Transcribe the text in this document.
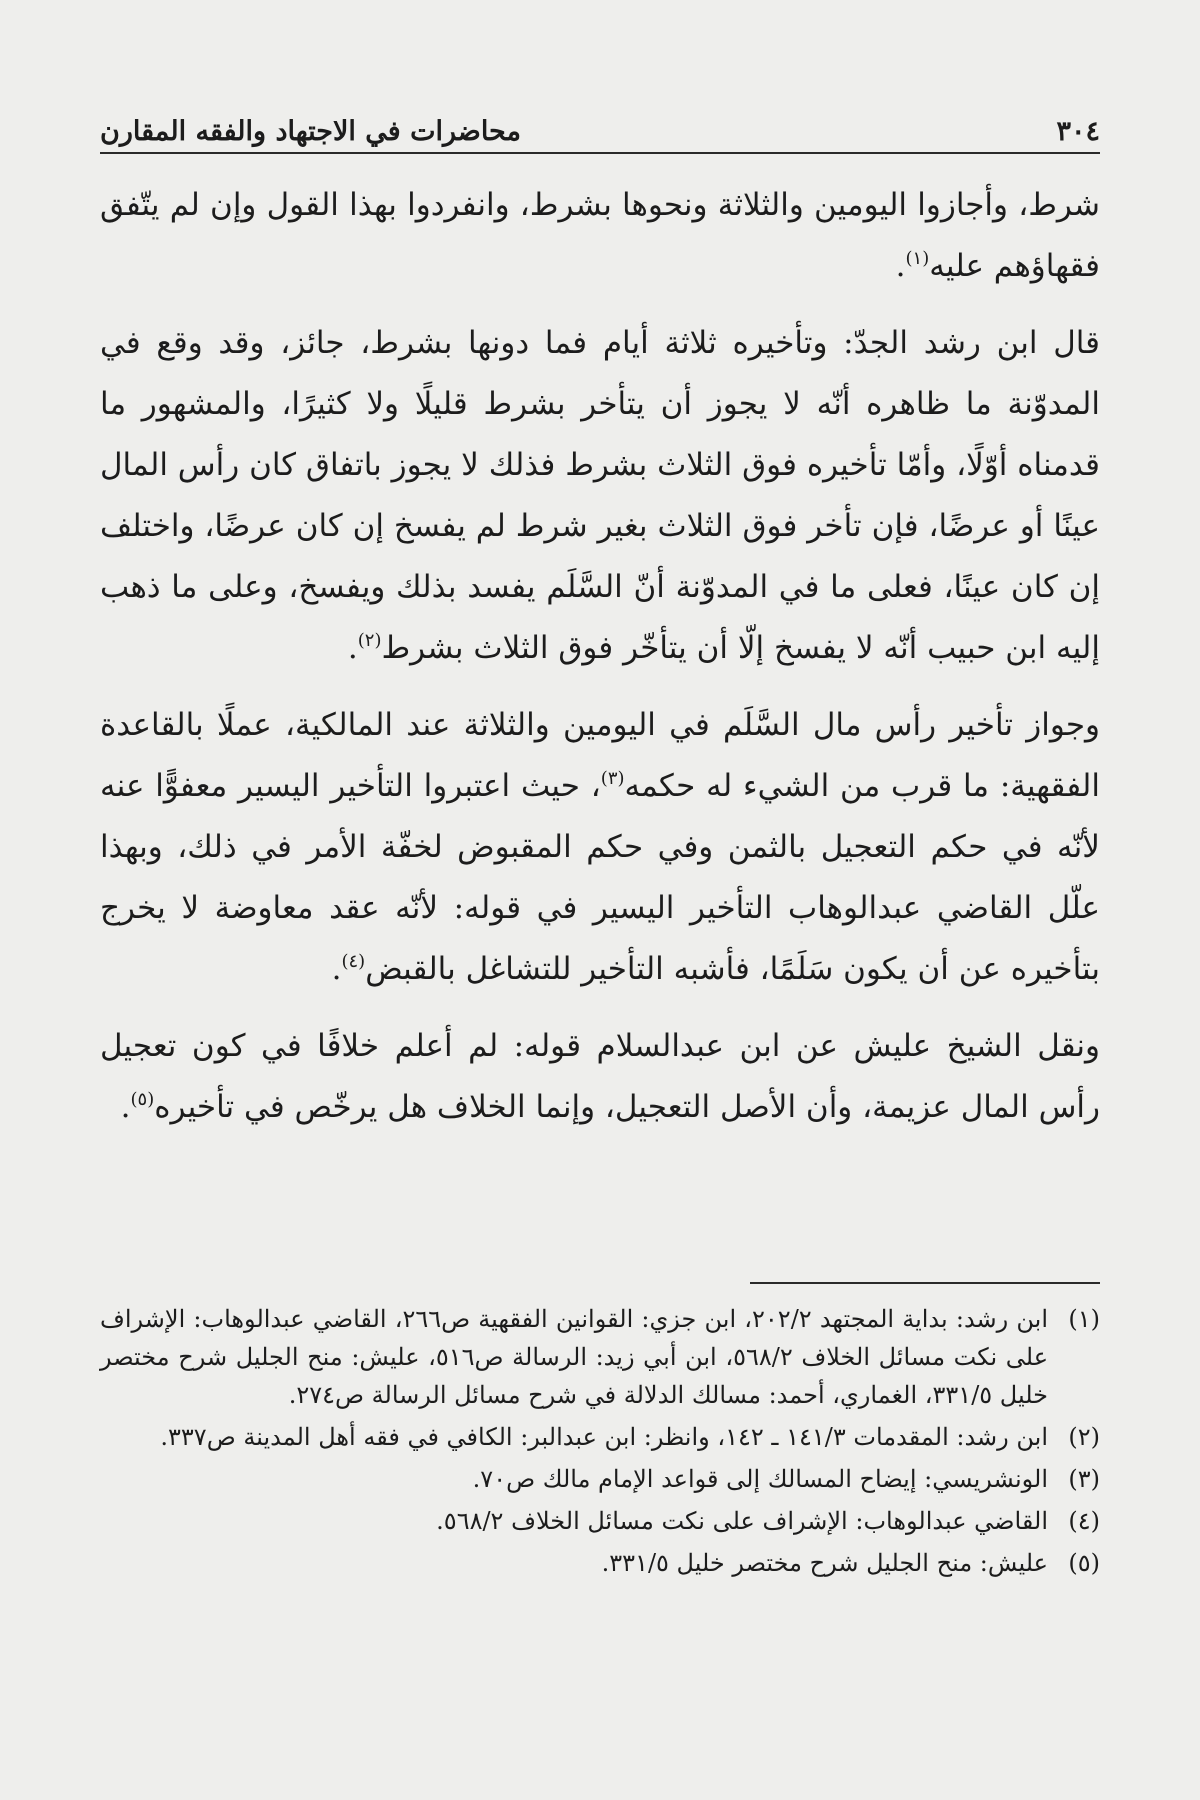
٣٠٤
محاضرات في الاجتهاد والفقه المقارن

شرط، وأجازوا اليومين والثلاثة ونحوها بشرط، وانفردوا بهذا القول وإن لم يتّفق فقهاؤهم عليه$^{(١)}$.

قال ابن رشد الجدّ: وتأخيره ثلاثة أيام فما دونها بشرط، جائز، وقد وقع في المدوّنة ما ظاهره أنّه لا يجوز أن يتأخر بشرط قليلًا ولا كثيرًا، والمشهور ما قدمناه أوّلًا، وأمّا تأخيره فوق الثلاث بشرط فذلك لا يجوز باتفاق كان رأس المال عينًا أو عرضًا، فإن تأخر فوق الثلاث بغير شرط لم يفسخ إن كان عرضًا، واختلف إن كان عينًا، فعلى ما في المدوّنة أنّ السَّلَم يفسد بذلك ويفسخ، وعلى ما ذهب إليه ابن حبيب أنّه لا يفسخ إلّا أن يتأخّر فوق الثلاث بشرط$^{(٢)}$.

وجواز تأخير رأس مال السَّلَم في اليومين والثلاثة عند المالكية، عملًا بالقاعدة الفقهية: ما قرب من الشيء له حكمه$^{(٣)}$، حيث اعتبروا التأخير اليسير معفوًّا عنه لأنّه في حكم التعجيل بالثمن وفي حكم المقبوض لخفّة الأمر في ذلك، وبهذا علّل القاضي عبدالوهاب التأخير اليسير في قوله: لأنّه عقد معاوضة لا يخرج بتأخيره عن أن يكون سَلَمًا، فأشبه التأخير للتشاغل بالقبض$^{(٤)}$.

ونقل الشيخ عليش عن ابن عبدالسلام قوله: لم أعلم خلافًا في كون تعجيل رأس المال عزيمة، وأن الأصل التعجيل، وإنما الخلاف هل يرخّص في تأخيره$^{(٥)}$.

(١)
ابن رشد: بداية المجتهد ٢٠٢/٢، ابن جزي: القوانين الفقهية ص٢٦٦، القاضي عبدالوهاب: الإشراف على نكت مسائل الخلاف ٥٦٨/٢، ابن أبي زيد: الرسالة ص٥١٦، عليش: منح الجليل شرح مختصر خليل ٣٣١/٥، الغماري، أحمد: مسالك الدلالة في شرح مسائل الرسالة ص٢٧٤.
(٢)
ابن رشد: المقدمات ١٤١/٣ ـ ١٤٢، وانظر: ابن عبدالبر: الكافي في فقه أهل المدينة ص٣٣٧.
(٣)
الونشريسي: إيضاح المسالك إلى قواعد الإمام مالك ص٧٠.
(٤)
القاضي عبدالوهاب: الإشراف على نكت مسائل الخلاف ٥٦٨/٢.
(٥)
عليش: منح الجليل شرح مختصر خليل ٣٣١/٥.
